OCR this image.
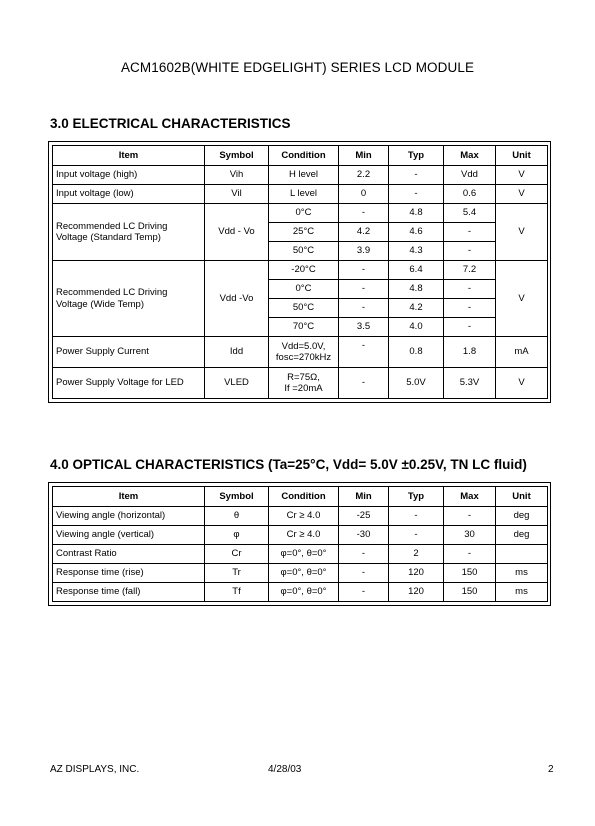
ACM1602B(WHITE EDGELIGHT) SERIES LCD MODULE
3.0 ELECTRICAL CHARACTERISTICS
Item	Symbol	Condition	Min	Typ	Max	Unit
Input voltage (high)	Vih	H level	2.2	-	Vdd	V
Input voltage (low)	Vil	L level	0	-	0.6	V
Recommended LC Driving Voltage (Standard Temp)	Vdd - Vo	0°C	-	4.8	5.4	V
		25°C	4.2	4.6	-	
		50°C	3.9	4.3	-	
Recommended LC Driving Voltage (Wide Temp)	Vdd -Vo	-20°C	-	6.4	7.2	V
		0°C	-	4.8	-	
		50°C	-	4.2	-	
		70°C	3.5	4.0	-	
Power Supply Current	Idd	Vdd=5.0V,
fosc=270kHz	-	0.8	1.8	mA
Power Supply Voltage for LED	VLED	R=75Ω,
If =20mA	-	5.0V	5.3V	V
4.0 OPTICAL CHARACTERISTICS (Ta=25°C, Vdd= 5.0V ±0.25V, TN LC fluid)
Item	Symbol	Condition	Min	Typ	Max	Unit
Viewing angle (horizontal)	θ	Cr ≥ 4.0	-25	-	-	deg
Viewing angle (vertical)	φ	Cr ≥ 4.0	-30	-	30	deg
Contrast Ratio	Cr	φ=0°, θ=0°	-	2	-	
Response time (rise)	Tr	φ=0°, θ=0°	-	120	150	ms
Response time (fall)	Tf	φ=0°, θ=0°	-	120	150	ms
AZ DISPLAYS, INC.	4/28/03	2
